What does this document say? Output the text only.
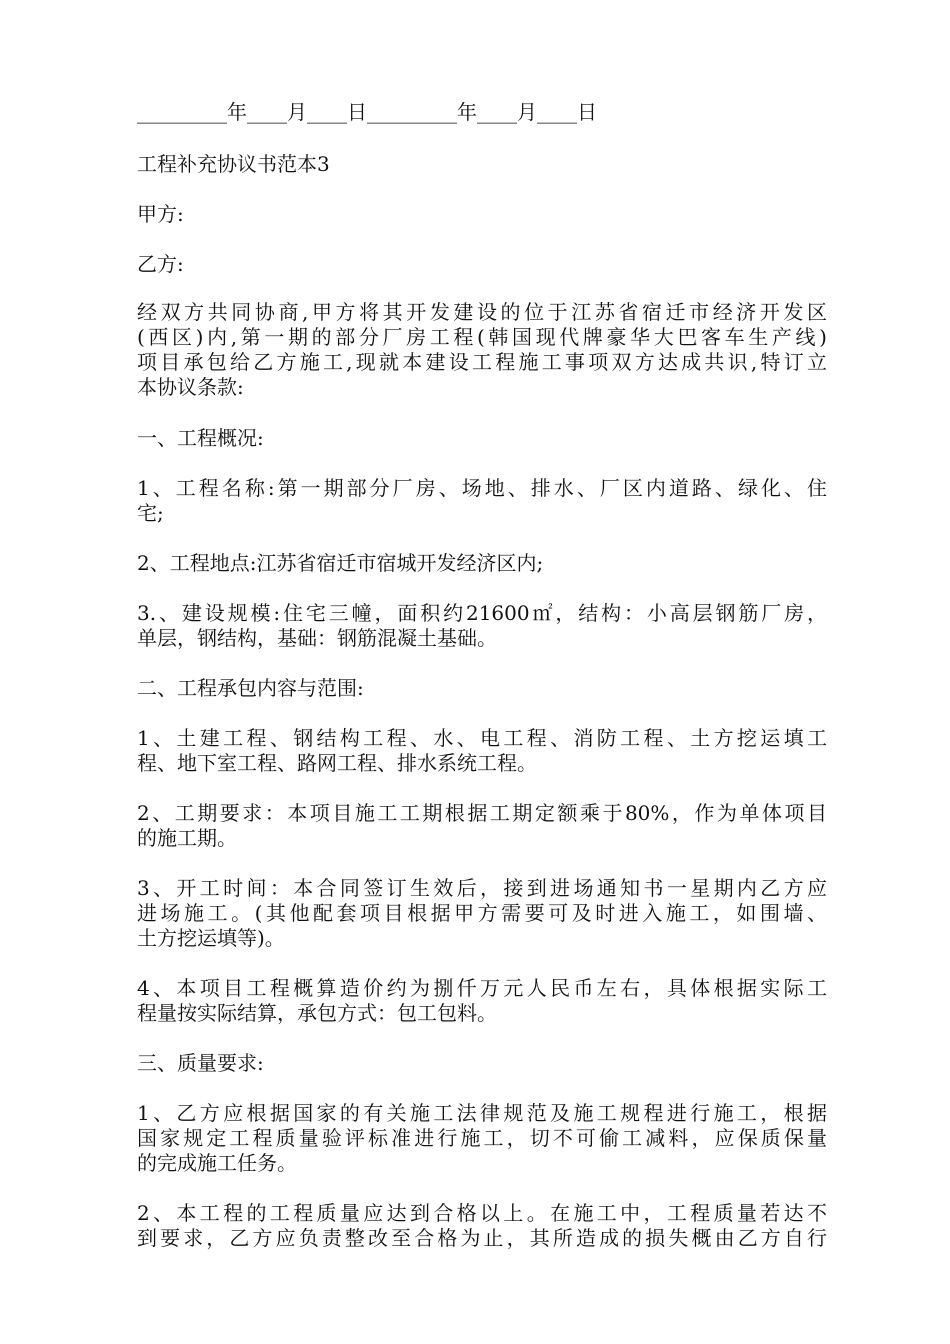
_________年____月____日_________年____月____日
工程补充协议书范本3
甲方:
乙方:
经双方共同协商,甲方将其开发建设的位于江苏省宿迁市经济开发区
(西区)内,第一期的部分厂房工程(韩国现代牌豪华大巴客车生产线)
项目承包给乙方施工,现就本建设工程施工事项双方达成共识,特订立
本协议条款:
一、工程概况:
1、工程名称:第一期部分厂房、场地、排水、厂区内道路、绿化、住
宅;
2、工程地点:江苏省宿迁市宿城开发经济区内;
3.、建设规模:住宅三幢，面积约21600㎡，结构：小高层钢筋厂房，
单层，钢结构，基础：钢筋混凝土基础。
二、工程承包内容与范围:
1、土建工程、钢结构工程、水、电工程、消防工程、土方挖运填工
程、地下室工程、路网工程、排水系统工程。
2、工期要求：本项目施工工期根据工期定额乘于80%，作为单体项目
的施工期。
3、开工时间：本合同签订生效后，接到进场通知书一星期内乙方应
进场施工。(其他配套项目根据甲方需要可及时进入施工，如围墙、
土方挖运填等)。
4、本项目工程概算造价约为捌仟万元人民币左右，具体根据实际工
程量按实际结算，承包方式：包工包料。
三、质量要求:
1、乙方应根据国家的有关施工法律规范及施工规程进行施工，根据
国家规定工程质量验评标准进行施工，切不可偷工减料，应保质保量
的完成施工任务。
2、本工程的工程质量应达到合格以上。在施工中，工程质量若达不
到要求，乙方应负责整改至合格为止，其所造成的损失概由乙方自行
